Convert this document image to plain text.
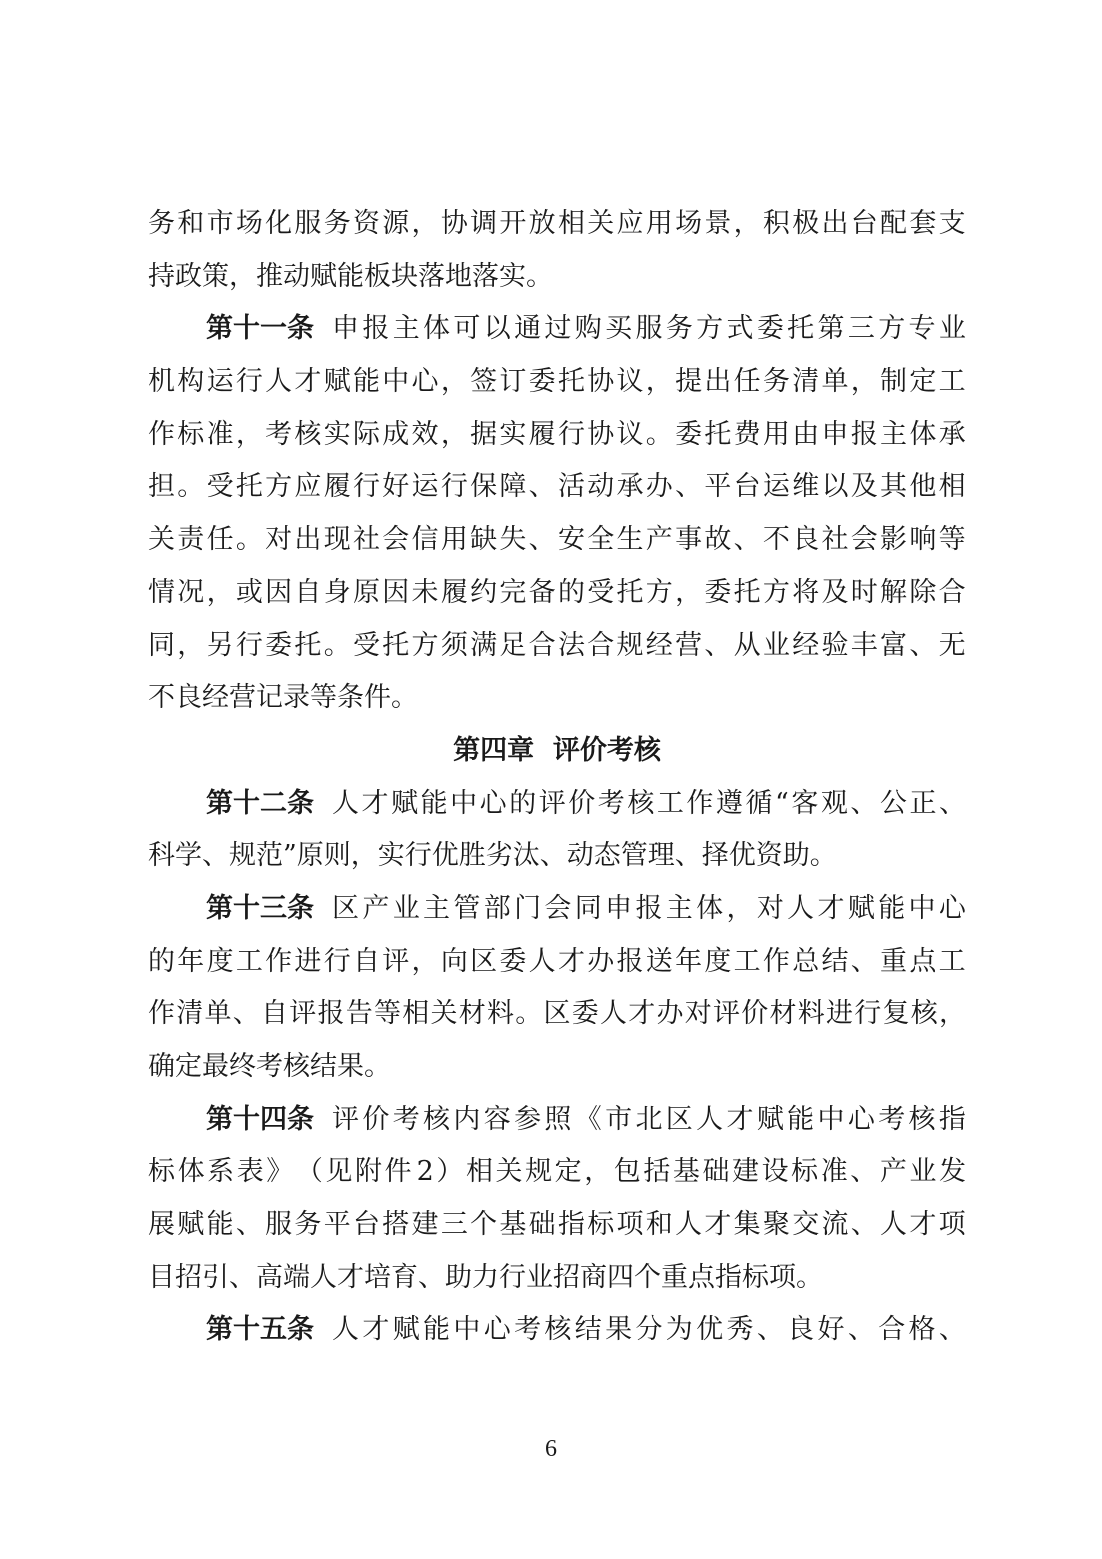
务 和 市 场 化 服 务 资 源 ， 协 调 开 放 相 关 应 用 场 景 ， 积 极 出 台 配 套 支
持政策，推动赋能板块落地落实。
第十一条 申 报 主 体 可 以 通 过 购 买 服 务 方 式 委 托 第 三 方 专 业
机 构 运 行 人 才 赋 能 中 心 ， 签 订 委 托 协 议 ， 提 出 任 务 清 单 ， 制 定 工
作 标 准 ， 考 核 实 际 成 效 ， 据 实 履 行 协 议 。 委 托 费 用 由 申 报 主 体 承
担 。 受 托 方 应 履 行 好 运 行 保 障 、 活 动 承 办 、 平 台 运 维 以 及 其 他 相
关 责 任 。 对 出 现 社 会 信 用 缺 失 、 安 全 生 产 事 故 、 不 良 社 会 影 响 等
情 况 ， 或 因 自 身 原 因 未 履 约 完 备 的 受 托 方 ， 委 托 方 将 及 时 解 除 合
同 ， 另 行 委 托 。 受 托 方 须 满 足 合 法 合 规 经 营 、 从 业 经 验 丰 富 、 无
不良经营记录等条件。
第四章  评价考核
第十二条 人 才 赋 能 中 心 的 评 价 考 核 工 作 遵 循 “ 客 观 、 公 正 、
科学、规范”原则，实行优胜劣汰、动态管理、择优资助。
第十三条 区 产 业 主 管 部 门 会 同 申 报 主 体 ， 对 人 才 赋 能 中 心
的 年 度 工 作 进 行 自 评 ， 向 区 委 人 才 办 报 送 年 度 工 作 总 结 、 重 点 工
作 清 单 、 自 评 报 告 等 相 关 材 料 。 区 委 人 才 办 对 评 价 材 料 进 行 复 核 ，
确定最终考核结果。
第十四条 评 价 考 核 内 容 参 照 《 市 北 区 人 才 赋 能 中 心 考 核 指
标 体 系 表 》 （ 见 附 件 2 ） 相 关 规 定 ， 包 括 基 础 建 设 标 准 、 产 业 发
展 赋 能 、 服 务 平 台 搭 建 三 个 基 础 指 标 项 和 人 才 集 聚 交 流 、 人 才 项
目招引、高端人才培育、助力行业招商四个重点指标项。
第十五条 人 才 赋 能 中 心 考 核 结 果 分 为 优 秀 、 良 好 、 合 格 、
6
